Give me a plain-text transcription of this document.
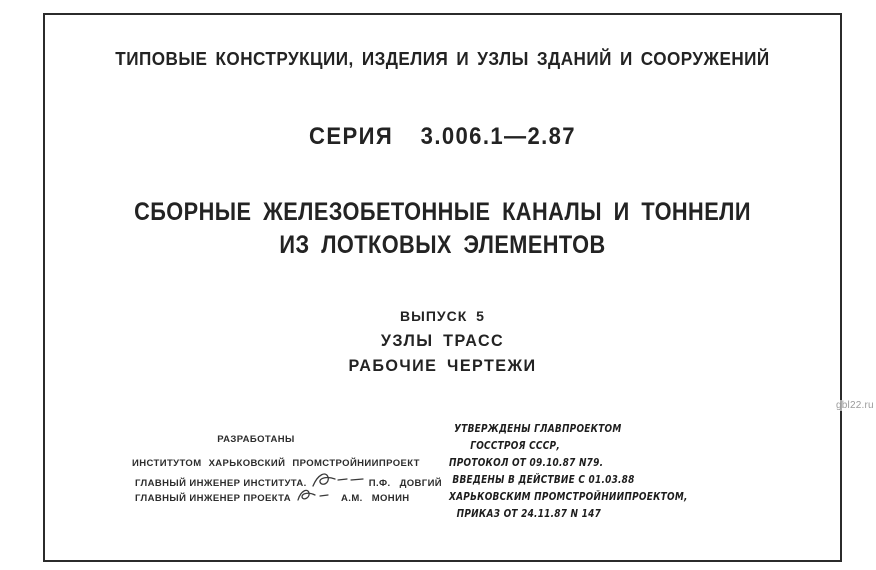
ТИПОВЫЕ КОНСТРУКЦИИ, ИЗДЕЛИЯ И УЗЛЫ ЗДАНИЙ И СООРУЖЕНИЙ
СЕРИЯ 3.006.1—2.87
СБОРНЫЕ ЖЕЛЕЗОБЕТОННЫЕ КАНАЛЫ И ТОННЕЛИ
ИЗ ЛОТКОВЫХ ЭЛЕМЕНТОВ
ВЫПУСК 5
УЗЛЫ ТРАСС
РАБОЧИЕ ЧЕРТЕЖИ
РАЗРАБОТАНЫ
ИНСТИТУТОМ ХАРЬКОВСКИЙ ПРОМСТРОЙНИИПРОЕКТ
ГЛАВНЫЙ ИНЖЕНЕР ИНСТИТУТА.	П.Ф. ДОВГИЙ
ГЛАВНЫЙ ИНЖЕНЕР ПРОЕКТА	А.М. МОНИН
УТВЕРЖДЕНЫ ГЛАВПРОЕКТОМ
ГОССТРОЯ СССР,
ПРОТОКОЛ ОТ 09.10.87 N79.
ВВЕДЕНЫ В ДЕЙСТВИЕ С 01.03.88
ХАРЬКОВСКИМ ПРОМСТРОЙНИИПРОЕКТОМ,
ПРИКАЗ ОТ 24.11.87 N 147
gbl22.ru
